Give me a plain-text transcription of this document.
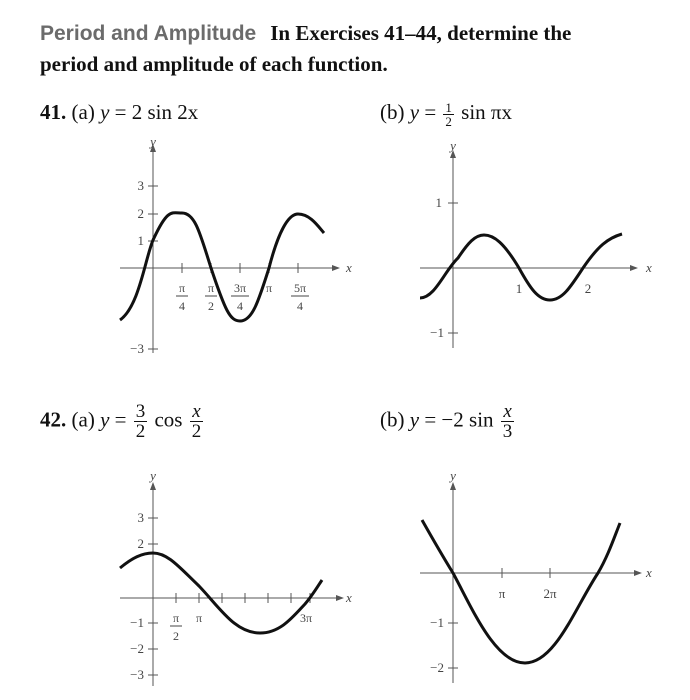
Period and Amplitude In Exercises 41–44, determine the
period and amplitude of each function.
41. (a) y = 2 sin 2x	(b) $y = \frac{1}{2}$ sin πx
42. (a) $y = \frac{3}{2}$ $\cos \frac{x}{2}$	(b) y = −2 $\sin \frac{x}{3}$
y
x
3
2
1
−3
π
4
π
2
3π
4
π 5π
4
y
x
1
−1
1	2
y
x
3
2
−1
−2
−3
π
2
π	3π
y
x
−1
−2
π	2π
